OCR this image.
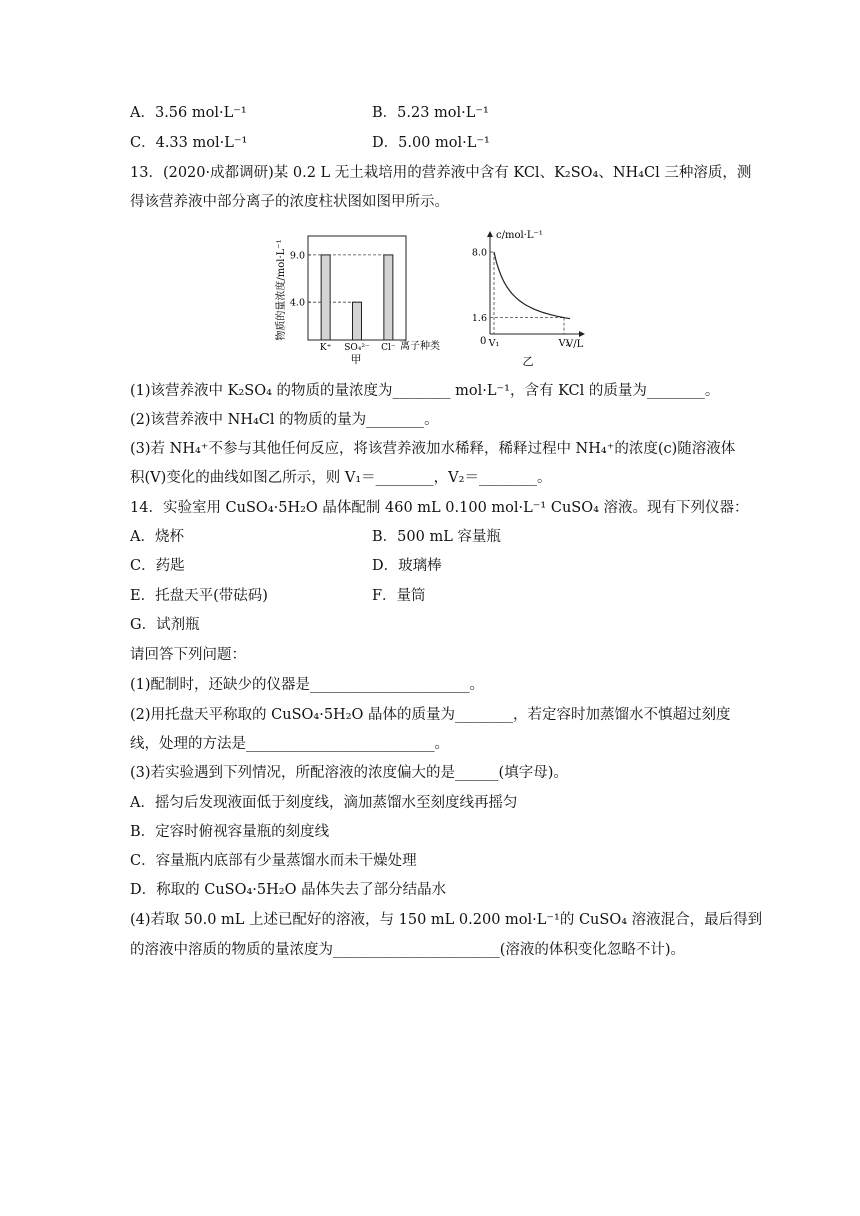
A．3.56 mol·L⁻¹	B．5.23 mol·L⁻¹
C．4.33 mol·L⁻¹	D．5.00 mol·L⁻¹
13．(2020·成都调研)某 0.2 L 无土栽培用的营养液中含有 KCl、K₂SO₄、NH₄Cl 三种溶质，测
得该营养液中部分离子的浓度柱状图如图甲所示。
物质的量浓度/mol·L⁻¹ 4.0
9.0
K⁺ SO₄²⁻ Cl⁻ 离子种类
甲
c/mol·L⁻¹
0	V/L
8.0
1.6
V₁	V₂
乙
(1)该营养液中 K₂SO₄ 的物质的量浓度为________ mol·L⁻¹，含有 KCl 的质量为________。
(2)该营养液中 NH₄Cl 的物质的量为________。
(3)若 NH₄⁺不参与其他任何反应，将该营养液加水稀释，稀释过程中 NH₄⁺的浓度(c)随溶液体
积(V)变化的曲线如图乙所示，则 V₁＝________，V₂＝________。
14．实验室用 CuSO₄·5H₂O 晶体配制 460 mL 0.100 mol·L⁻¹ CuSO₄ 溶液。现有下列仪器：
A．烧杯	B．500 mL 容量瓶
C．药匙	D．玻璃棒
E．托盘天平(带砝码)	F．量筒
G．试剂瓶
请回答下列问题：
(1)配制时，还缺少的仪器是______________________。
(2)用托盘天平称取的 CuSO₄·5H₂O 晶体的质量为________，若定容时加蒸馏水不慎超过刻度
线，处理的方法是__________________________。
(3)若实验遇到下列情况，所配溶液的浓度偏大的是______(填字母)。
A．摇匀后发现液面低于刻度线，滴加蒸馏水至刻度线再摇匀
B．定容时俯视容量瓶的刻度线
C．容量瓶内底部有少量蒸馏水而未干燥处理
D．称取的 CuSO₄·5H₂O 晶体失去了部分结晶水
(4)若取 50.0 mL 上述已配好的溶液，与 150 mL 0.200 mol·L⁻¹的 CuSO₄ 溶液混合，最后得到
的溶液中溶质的物质的量浓度为_______________________(溶液的体积变化忽略不计)。
